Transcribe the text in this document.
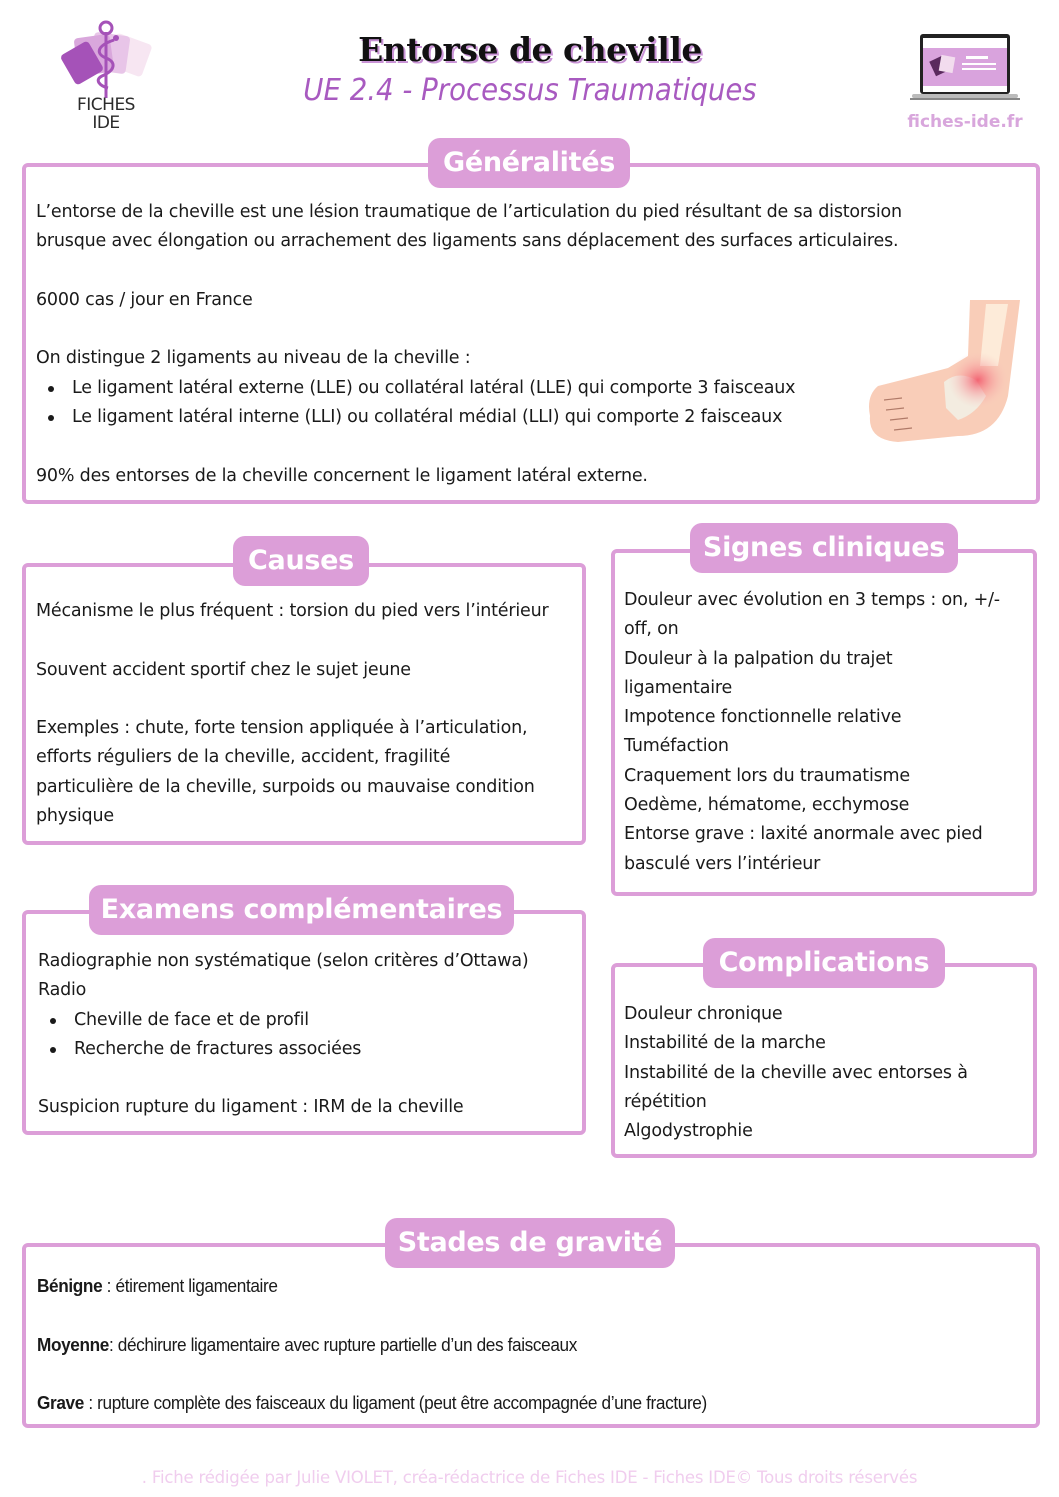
FICHES
IDE
Entorse de cheville
UE 2.4 - Processus Traumatiques
fiches-ide.fr
Généralités
L’entorse de la cheville est une lésion traumatique de l’articulation du pied résultant de sa distorsion
brusque avec élongation ou arrachement des ligaments sans déplacement des surfaces articulaires.
6000 cas / jour en France
On distingue 2 ligaments au niveau de la cheville :
Le ligament latéral externe (LLE) ou collatéral latéral (LLE) qui comporte 3 faisceaux
Le ligament latéral interne (LLI) ou collatéral médial (LLI) qui comporte 2 faisceaux
90% des entorses de la cheville concernent le ligament latéral externe.
Causes
Mécanisme le plus fréquent : torsion du pied vers l’intérieur
Souvent accident sportif chez le sujet jeune
Exemples : chute, forte tension appliquée à l’articulation,
efforts réguliers de la cheville, accident, fragilité
particulière de la cheville, surpoids ou mauvaise condition
physique
Signes cliniques
Douleur avec évolution en 3 temps : on, +/-
off, on
Douleur à la palpation du trajet
ligamentaire
Impotence fonctionnelle relative
Tuméfaction
Craquement lors du traumatisme
Oedème, hématome, ecchymose
Entorse grave : laxité anormale avec pied
basculé vers l’intérieur
Examens complémentaires
Radiographie non systématique (selon critères d’Ottawa)
Radio
Cheville de face et de profil
Recherche de fractures associées
Suspicion rupture du ligament : IRM de la cheville
Complications
Douleur chronique
Instabilité de la marche
Instabilité de la cheville avec entorses à
répétition
Algodystrophie
Stades de gravité
Bénigne : étirement ligamentaire
Moyenne: déchirure ligamentaire avec rupture partielle d’un des faisceaux
Grave : rupture complète des faisceaux du ligament (peut être accompagnée d’une fracture)
. Fiche rédigée par Julie VIOLET, créa-rédactrice de Fiches IDE - Fiches IDE© Tous droits réservés
